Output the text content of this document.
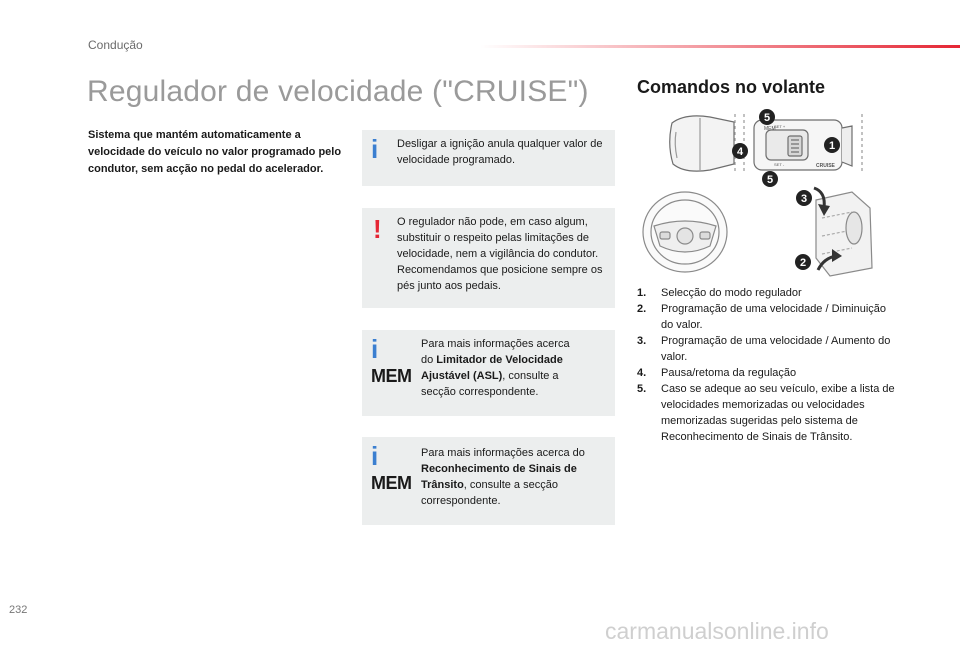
Condução
Regulador de velocidade ("CRUISE")

Sistema que mantém automaticamente a velocidade do veículo no valor programado pelo condutor, sem acção no pedal do acelerador.

i Desligar a ignição anula qualquer valor de velocidade programado.
! O regulador não pode, em caso algum, substituir o respeito pelas limitações de velocidade, nem a vigilância do condutor. Recomendamos que posicione sempre os pés junto aos pedais.
i
MEM
Para mais informações acerca do Limitador de Velocidade Ajustável (ASL), consulte a secção correspondente.
i
MEM
Para mais informações acerca do Reconhecimento de Sinais de Trânsito, consulte a secção correspondente.
Comandos no volante
MEM
SET +
SET -	CRUISE
5
4	1
5
3
2
1. Selecção do modo regulador
2. Programação de uma velocidade / Diminuição do valor.
3. Programação de uma velocidade / Aumento do valor.
4. Pausa/retoma da regulação
5. Caso se adeque ao seu veículo, exibe a lista de velocidades memorizadas ou velocidades memorizadas sugeridas pelo sistema de Reconhecimento de Sinais de Trânsito.
232
carmanualsonline.info
